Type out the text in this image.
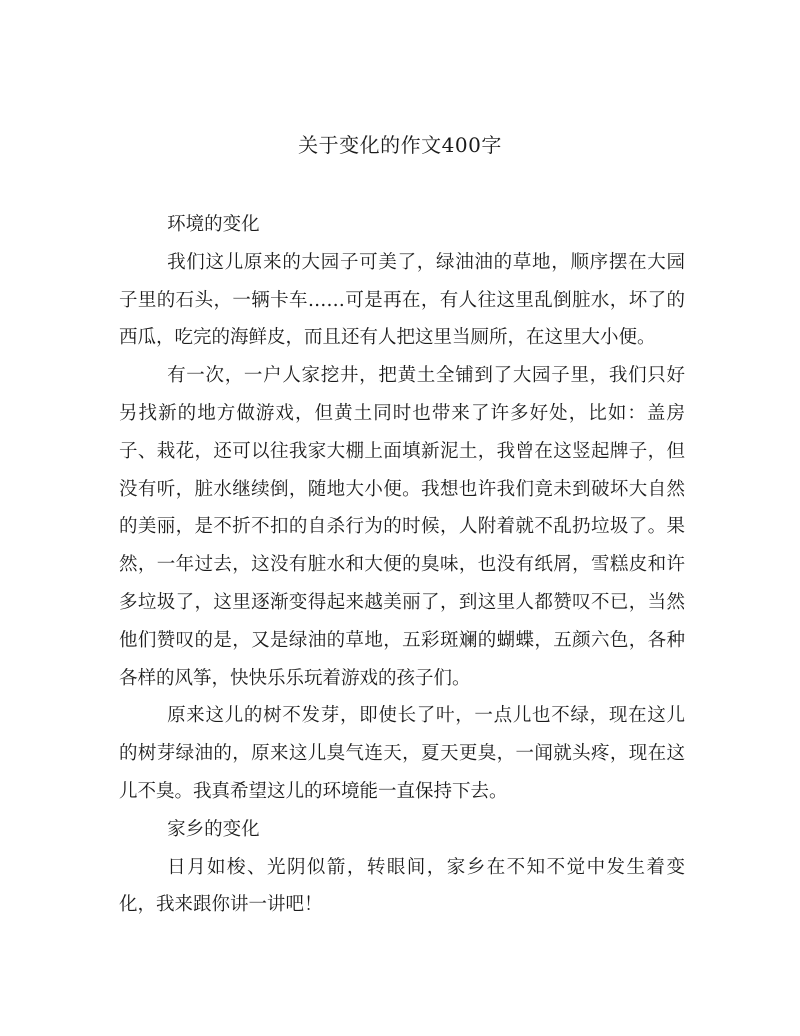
关于变化的作文400字

环境的变化

我们这儿原来的大园子可美了，绿油油的草地，顺序摆在大园子里的石头，一辆卡车……可是再在，有人往这里乱倒脏水，坏了的西瓜，吃完的海鲜皮，而且还有人把这里当厕所，在这里大小便。

有一次，一户人家挖井，把黄土全铺到了大园子里，我们只好另找新的地方做游戏，但黄土同时也带来了许多好处，比如：盖房子、栽花，还可以往我家大棚上面填新泥土，我曾在这竖起牌子，但没有听，脏水继续倒，随地大小便。我想也许我们竟未到破坏大自然的美丽，是不折不扣的自杀行为的时候，人附着就不乱扔垃圾了。果然，一年过去，这没有脏水和大便的臭味，也没有纸屑，雪糕皮和许多垃圾了，这里逐渐变得起来越美丽了，到这里人都赞叹不已，当然他们赞叹的是，又是绿油的草地，五彩斑斓的蝴蝶，五颜六色，各种各样的风筝，快快乐乐玩着游戏的孩子们。

原来这儿的树不发芽，即使长了叶，一点儿也不绿，现在这儿的树芽绿油的，原来这儿臭气连天，夏天更臭，一闻就头疼，现在这儿不臭。我真希望这儿的环境能一直保持下去。

家乡的变化

日月如梭、光阴似箭，转眼间，家乡在不知不觉中发生着变化，我来跟你讲一讲吧！
